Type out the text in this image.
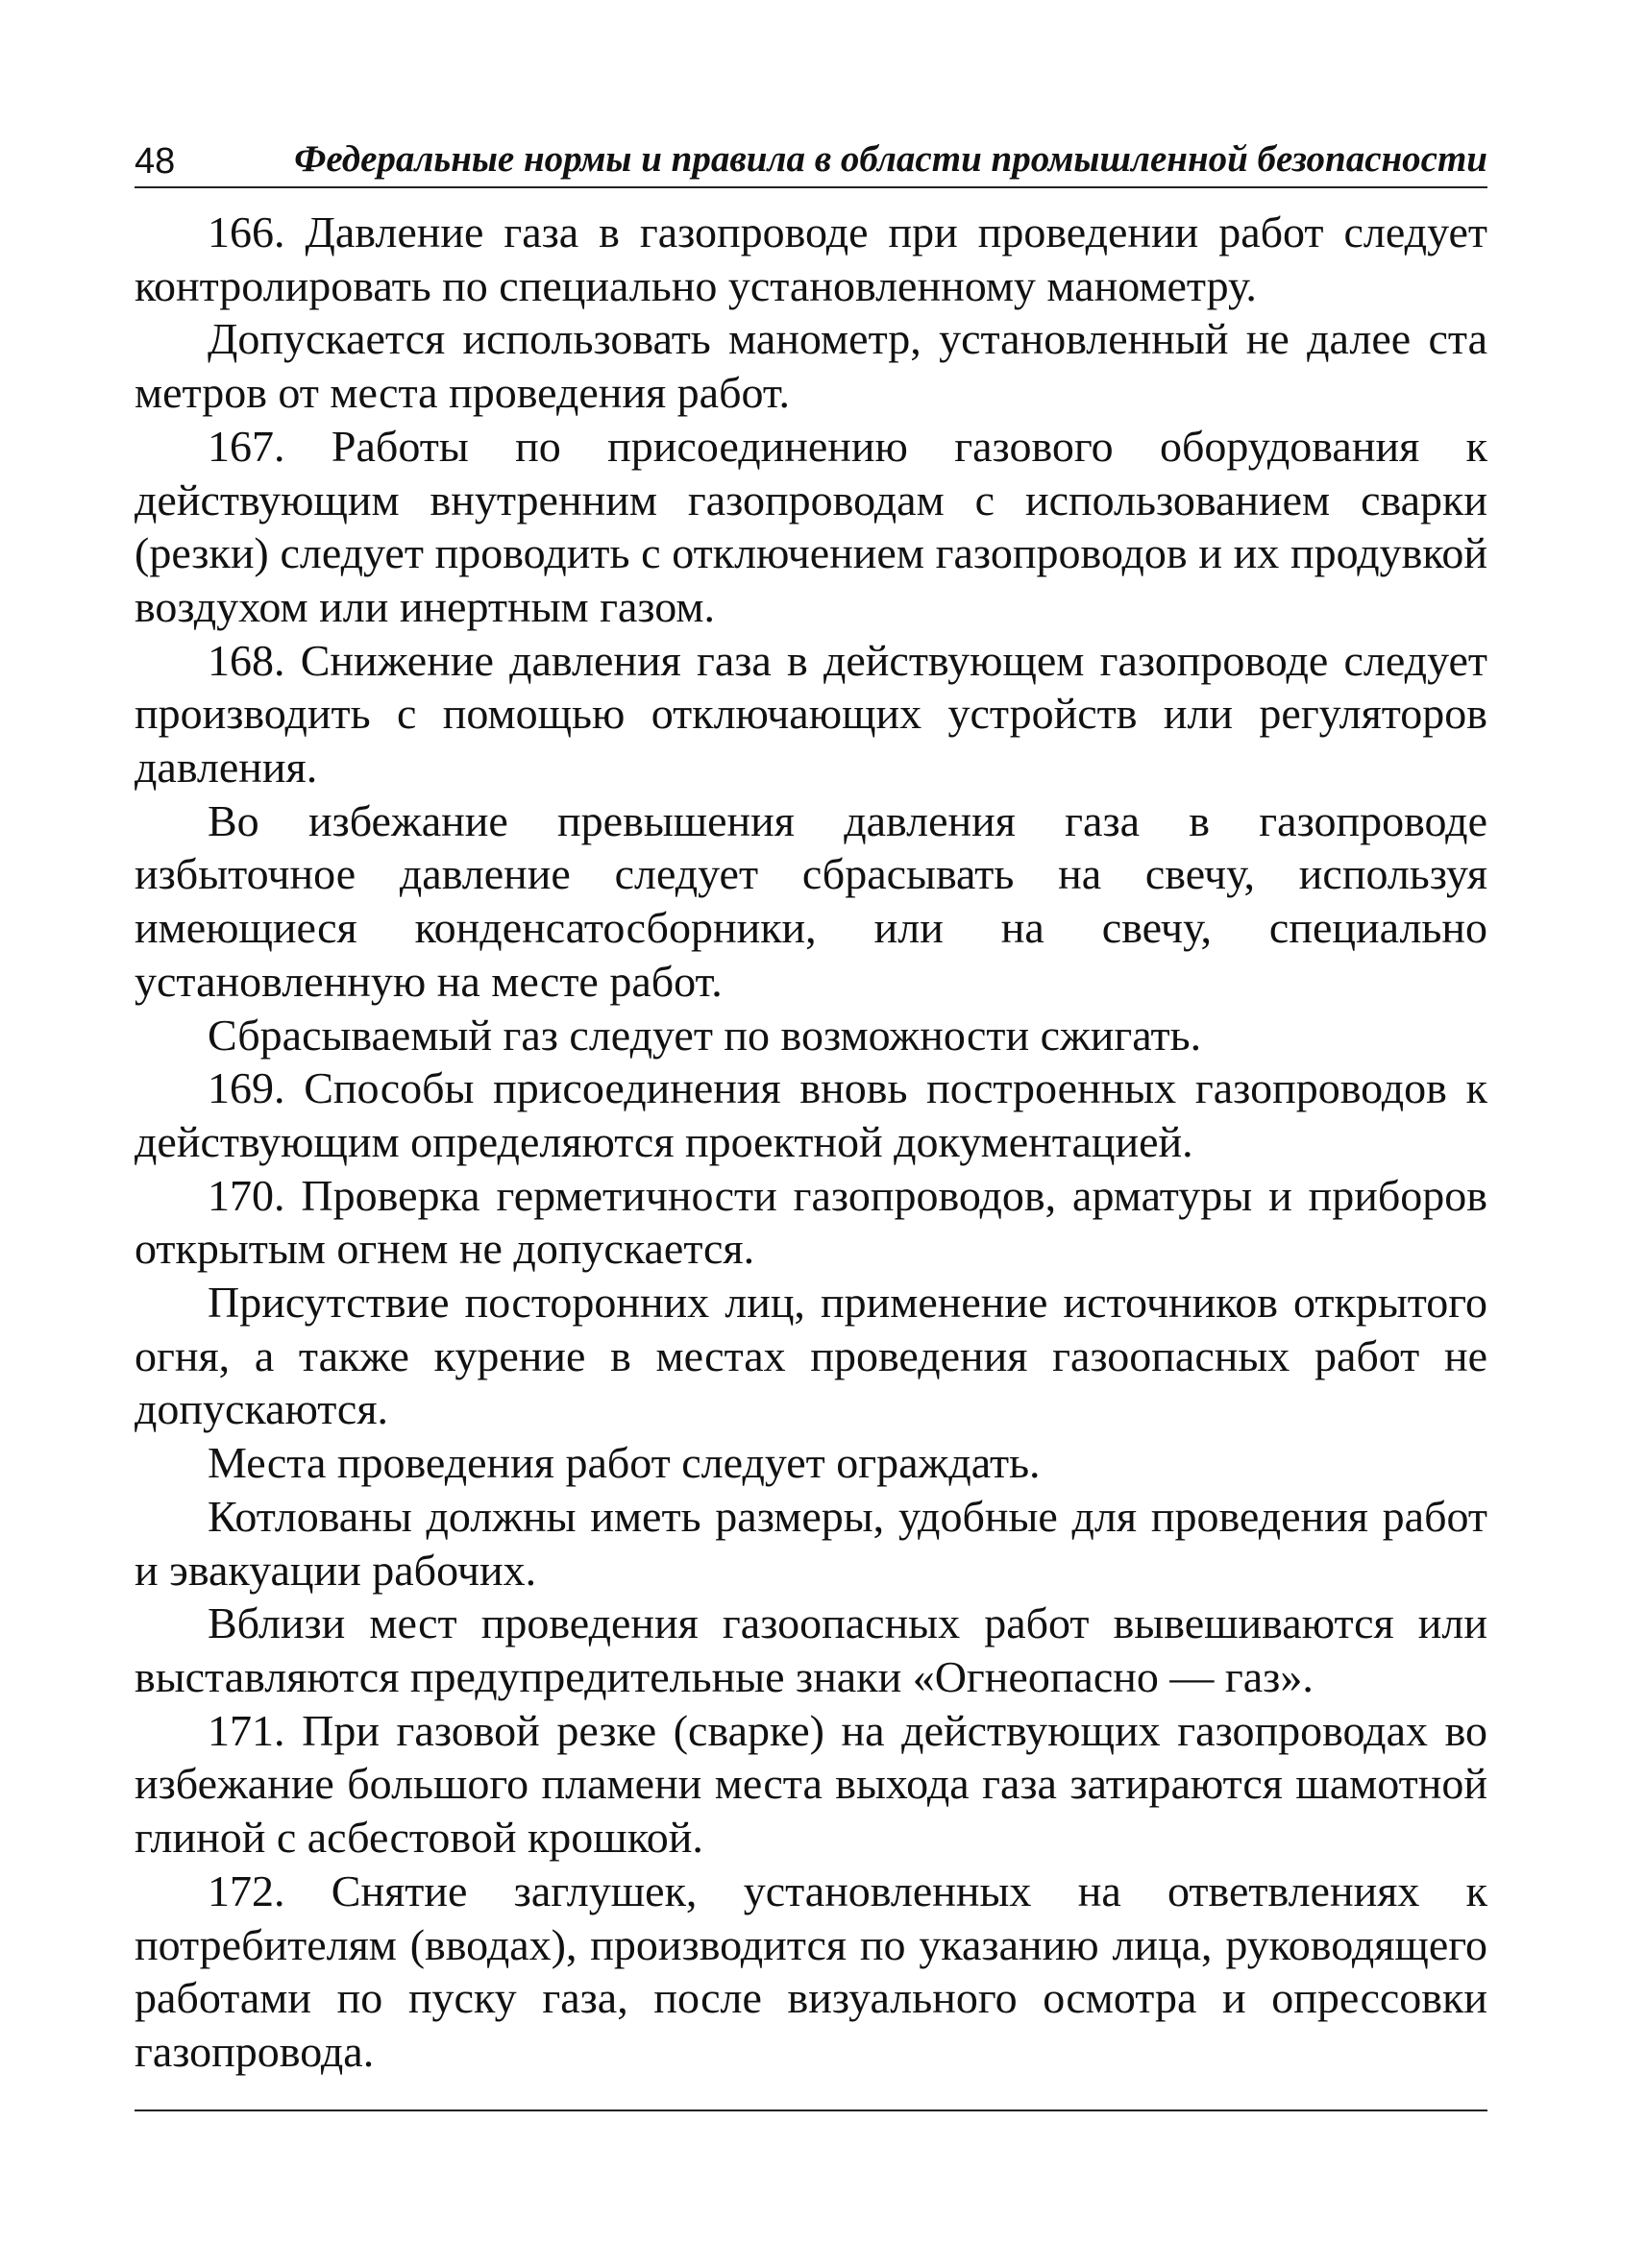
48	Федеральные нормы и правила в области промышленной безопасности

166. Давление газа в газопроводе при проведении работ следует контролировать по специально установленному манометру.

Допускается использовать манометр, установленный не далее ста метров от места проведения работ.

167. Работы по присоединению газового оборудования к действующим внутренним газопроводам с использованием сварки (резки) следует проводить с отключением газопроводов и их продувкой воздухом или инертным газом.

168. Снижение давления газа в действующем газопроводе следует производить с помощью отключающих устройств или регуляторов давления.

Во избежание превышения давления газа в газопроводе избыточное давление следует сбрасывать на свечу, используя имеющиеся конденсатосборники, или на свечу, специально установленную на месте работ.

Сбрасываемый газ следует по возможности сжигать.

169. Способы присоединения вновь построенных газопроводов к действующим определяются проектной документацией.

170. Проверка герметичности газопроводов, арматуры и приборов открытым огнем не допускается.

Присутствие посторонних лиц, применение источников открытого огня, а также курение в местах проведения газоопасных работ не допускаются.

Места проведения работ следует ограждать.

Котлованы должны иметь размеры, удобные для проведения работ и эвакуации рабочих.

Вблизи мест проведения газоопасных работ вывешиваются или выставляются предупредительные знаки «Огнеопасно — газ».

171. При газовой резке (сварке) на действующих газопроводах во избежание большого пламени места выхода газа затираются шамотной глиной с асбестовой крошкой.

172. Снятие заглушек, установленных на ответвлениях к потребителям (вводах), производится по указанию лица, руководящего работами по пуску газа, после визуального осмотра и опрессовки газопровода.
